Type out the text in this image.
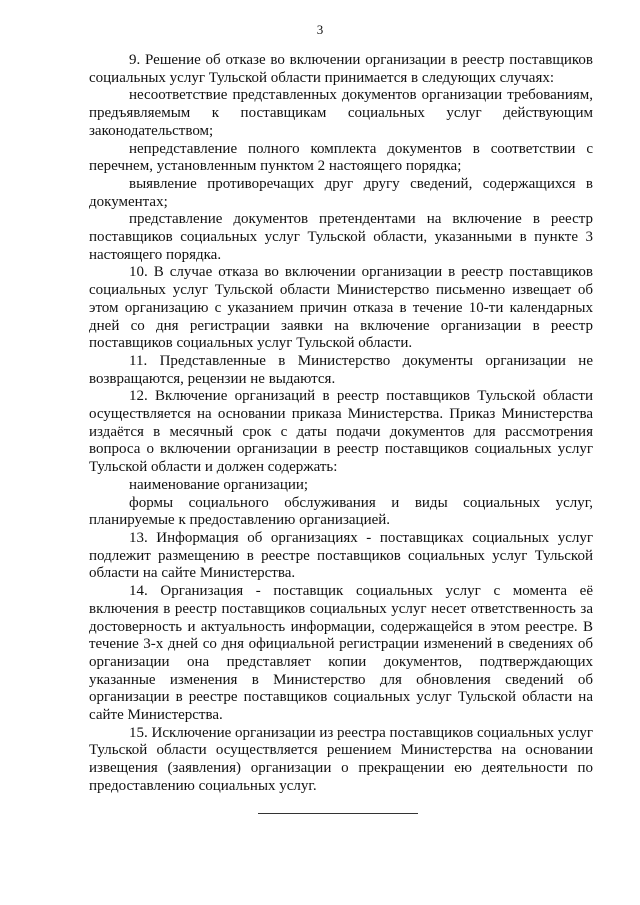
3

9. Решение об отказе во включении организации в реестр поставщиков социальных услуг Тульской области принимается в следующих случаях:

несоответствие представленных документов организации требованиям, предъявляемым к поставщикам социальных услуг действующим законодательством;

непредставление полного комплекта документов в соответствии с перечнем, установленным пунктом 2 настоящего порядка;

выявление противоречащих друг другу сведений, содержащихся в документах;

представление документов претендентами на включение в реестр поставщиков социальных услуг Тульской области, указанными в пункте 3 настоящего порядка.

10. В случае отказа во включении организации в реестр поставщиков социальных услуг Тульской области Министерство письменно извещает об этом организацию с указанием причин отказа в течение 10-ти календарных дней со дня регистрации заявки на включение организации в реестр поставщиков социальных услуг Тульской области.

11. Представленные в Министерство документы организации не возвращаются, рецензии не выдаются.

12. Включение организаций в реестр поставщиков Тульской области осуществляется на основании приказа Министерства. Приказ Министерства издаётся в месячный срок с даты подачи документов для рассмотрения вопроса о включении организации в реестр поставщиков социальных услуг Тульской области и должен содержать:

наименование организации;

формы социального обслуживания и виды социальных услуг, планируемые к предоставлению организацией.

13. Информация об организациях - поставщиках социальных услуг подлежит размещению в реестре поставщиков социальных услуг Тульской области на сайте Министерства.

14. Организация - поставщик социальных услуг с момента её включения в реестр поставщиков социальных услуг несет ответственность за достоверность и актуальность информации, содержащейся в этом реестре. В течение 3-х дней со дня официальной регистрации изменений в сведениях об организации она представляет копии документов, подтверждающих указанные изменения в Министерство для обновления сведений об организации в реестре поставщиков социальных услуг Тульской области на сайте Министерства.

15. Исключение организации из реестра поставщиков социальных услуг Тульской области осуществляется решением Министерства на основании извещения (заявления) организации о прекращении ею деятельности по предоставлению социальных услуг.
